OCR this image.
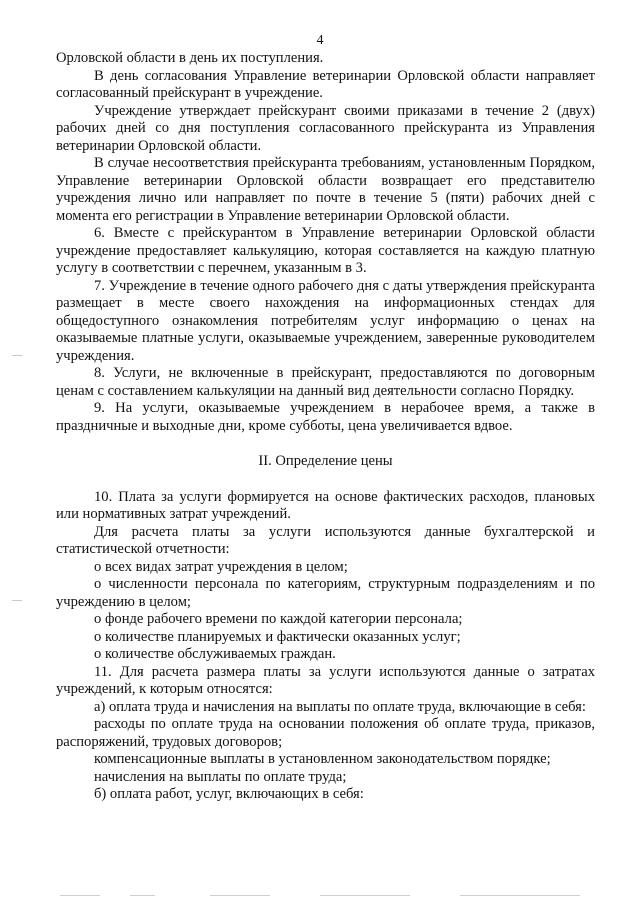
4

Орловской области в день их поступления.

В день согласования Управление ветеринарии Орловской области направляет согласованный прейскурант в учреждение.

Учреждение утверждает прейскурант своими приказами в течение 2 (двух) рабочих дней со дня поступления согласованного прейскуранта из Управления ветеринарии Орловской области.

В случае несоответствия прейскуранта требованиям, установленным Порядком, Управление ветеринарии Орловской области возвращает его представителю учреждения лично или направляет по почте в течение 5 (пяти) рабочих дней с момента его регистрации в Управление ветеринарии Орловской области.

6. Вместе с прейскурантом в Управление ветеринарии Орловской области учреждение предоставляет калькуляцию, которая составляется на каждую платную услугу в соответствии с перечнем, указанным в 3.

7. Учреждение в течение одного рабочего дня с даты утверждения прейскуранта размещает в месте своего нахождения на информационных стендах для общедоступного ознакомления потребителям услуг информацию о ценах на оказываемые платные услуги, оказываемые учреждением, заверенные руководителем учреждения.

8. Услуги, не включенные в прейскурант, предоставляются по договорным ценам с составлением калькуляции на данный вид деятельности согласно Порядку.

9. На услуги, оказываемые учреждением в нерабочее время, а также в праздничные и выходные дни, кроме субботы, цена увеличивается вдвое.

II. Определение цены

10. Плата за услуги формируется на основе фактических расходов, плановых или нормативных затрат учреждений.

Для расчета платы за услуги используются данные бухгалтерской и статистической отчетности:

о всех видах затрат учреждения в целом;

о численности персонала по категориям, структурным подразделениям и по учреждению в целом;

о фонде рабочего времени по каждой категории персонала;

о количестве планируемых и фактически оказанных услуг;

о количестве обслуживаемых граждан.

11. Для расчета размера платы за услуги используются данные о затратах учреждений, к которым относятся:

а) оплата труда и начисления на выплаты по оплате труда, включающие в себя:

расходы по оплате труда на основании положения об оплате труда, приказов, распоряжений, трудовых договоров;

компенсационные выплаты в установленном законодательством порядке;

начисления на выплаты по оплате труда;

б) оплата работ, услуг, включающих в себя:
